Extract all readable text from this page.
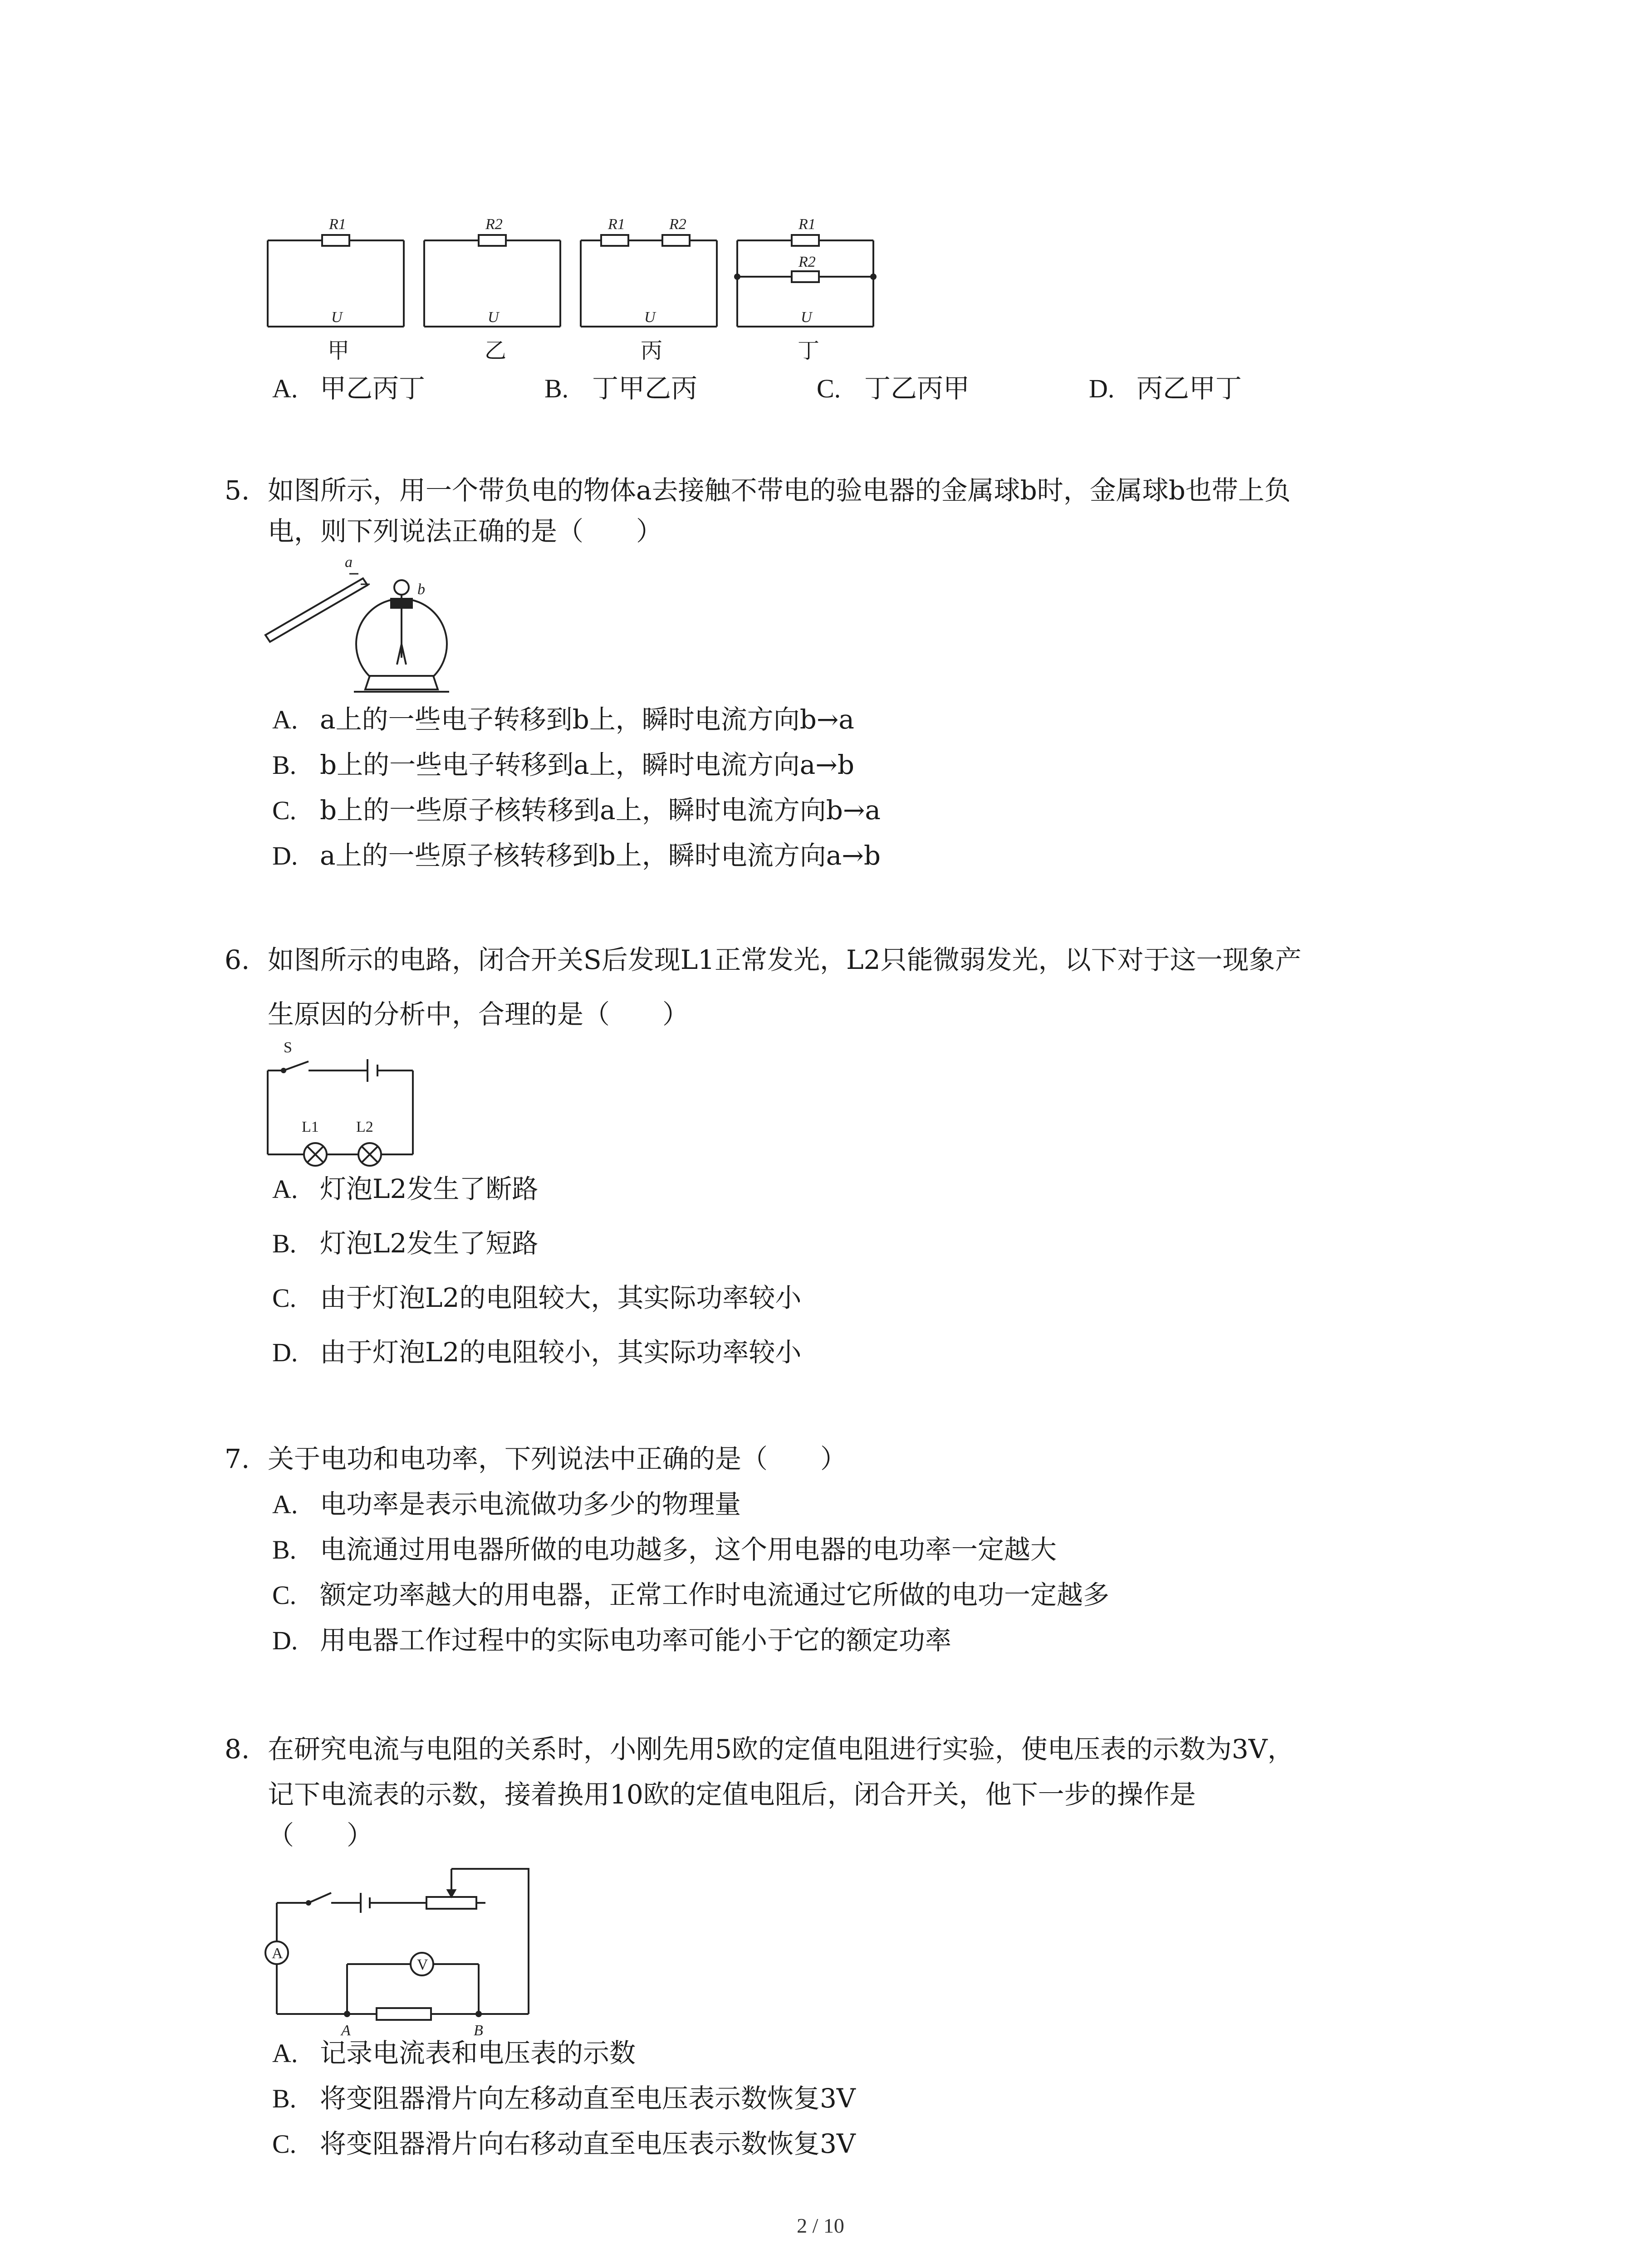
R1	R2	R1	R2	R1
R2
U	U	U	U
甲	乙	丙	丁
A. 甲乙丙丁	B. 丁甲乙丙	C. 丁乙丙甲	D. 丙乙甲丁
5. 如图所示，用一个带负电的物体a去接触不带电的验电器的金属球b时，金属球b也带上负
电，则下列说法正确的是（　　）
a
b
A. a上的一些电子转移到b上，瞬时电流方向b→a
B. b上的一些电子转移到a上，瞬时电流方向a→b
C. b上的一些原子核转移到a上，瞬时电流方向b→a
D. a上的一些原子核转移到b上，瞬时电流方向a→b
6. 如图所示的电路，闭合开关S后发现L1正常发光，L2只能微弱发光，以下对于这一现象产
生原因的分析中，合理的是（　　）
S
L1 L2
A. 灯泡L2发生了断路
B. 灯泡L2发生了短路
C. 由于灯泡L2的电阻较大，其实际功率较小
D. 由于灯泡L2的电阻较小，其实际功率较小
7. 关于电功和电功率，下列说法中正确的是（　　）
A. 电功率是表示电流做功多少的物理量
B. 电流通过用电器所做的电功越多，这个用电器的电功率一定越大
C. 额定功率越大的用电器，正常工作时电流通过它所做的电功一定越多
D. 用电器工作过程中的实际电功率可能小于它的额定功率
8. 在研究电流与电阻的关系时，小刚先用5欧的定值电阻进行实验，使电压表的示数为3V，
记下电流表的示数，接着换用10欧的定值电阻后，闭合开关，他下一步的操作是
（　　）
A
V
A	B
A. 记录电流表和电压表的示数
B. 将变阻器滑片向左移动直至电压表示数恢复3V
C. 将变阻器滑片向右移动直至电压表示数恢复3V
2 / 10
